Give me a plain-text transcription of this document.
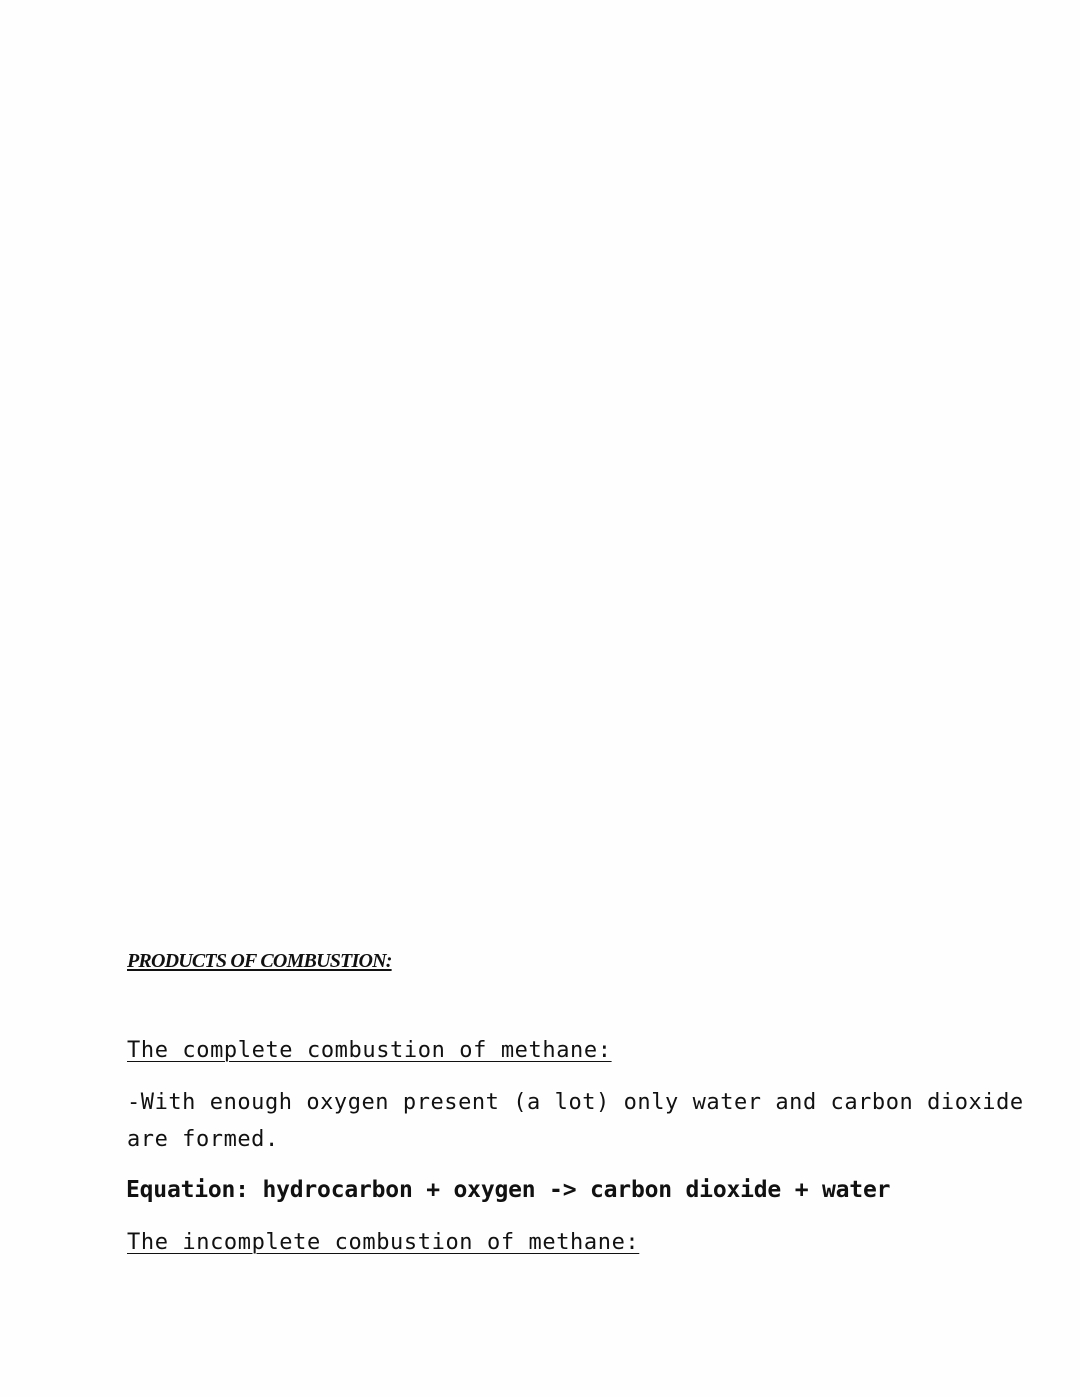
PRODUCTS OF COMBUSTION:
The complete combustion of methane:
-With enough oxygen present (a lot) only water and carbon dioxide
are formed.
Equation: hydrocarbon + oxygen -> carbon dioxide + water
The incomplete combustion of methane:
